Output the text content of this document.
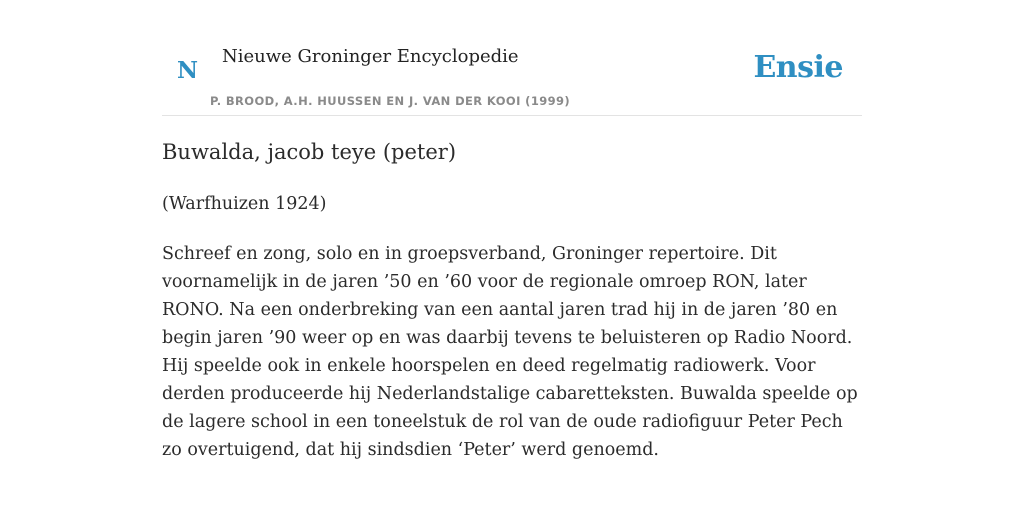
N
Nieuwe Groninger Encyclopedie
P. BROOD, A.H. HUUSSEN EN J. VAN DER KOOI (1999)
Ensie
Buwalda, jacob teye (peter)
(Warfhuizen 1924)

Schreef en zong, solo en in groepsverband, Groninger repertoire. Dit voornamelijk in de jaren ’50 en ’60 voor de regionale omroep RON, later RONO. Na een onderbreking van een aantal jaren trad hij in de jaren ’80 en begin jaren ’90 weer op en was daarbij tevens te beluisteren op Radio Noord. Hij speelde ook in enkele hoorspelen en deed regelmatig radiowerk. Voor derden produceerde hij Nederlandstalige cabaretteksten. Buwalda speelde op de lagere school in een toneelstuk de rol van de oude radiofiguur Peter Pech zo overtuigend, dat hij sindsdien ‘Peter’ werd genoemd.
